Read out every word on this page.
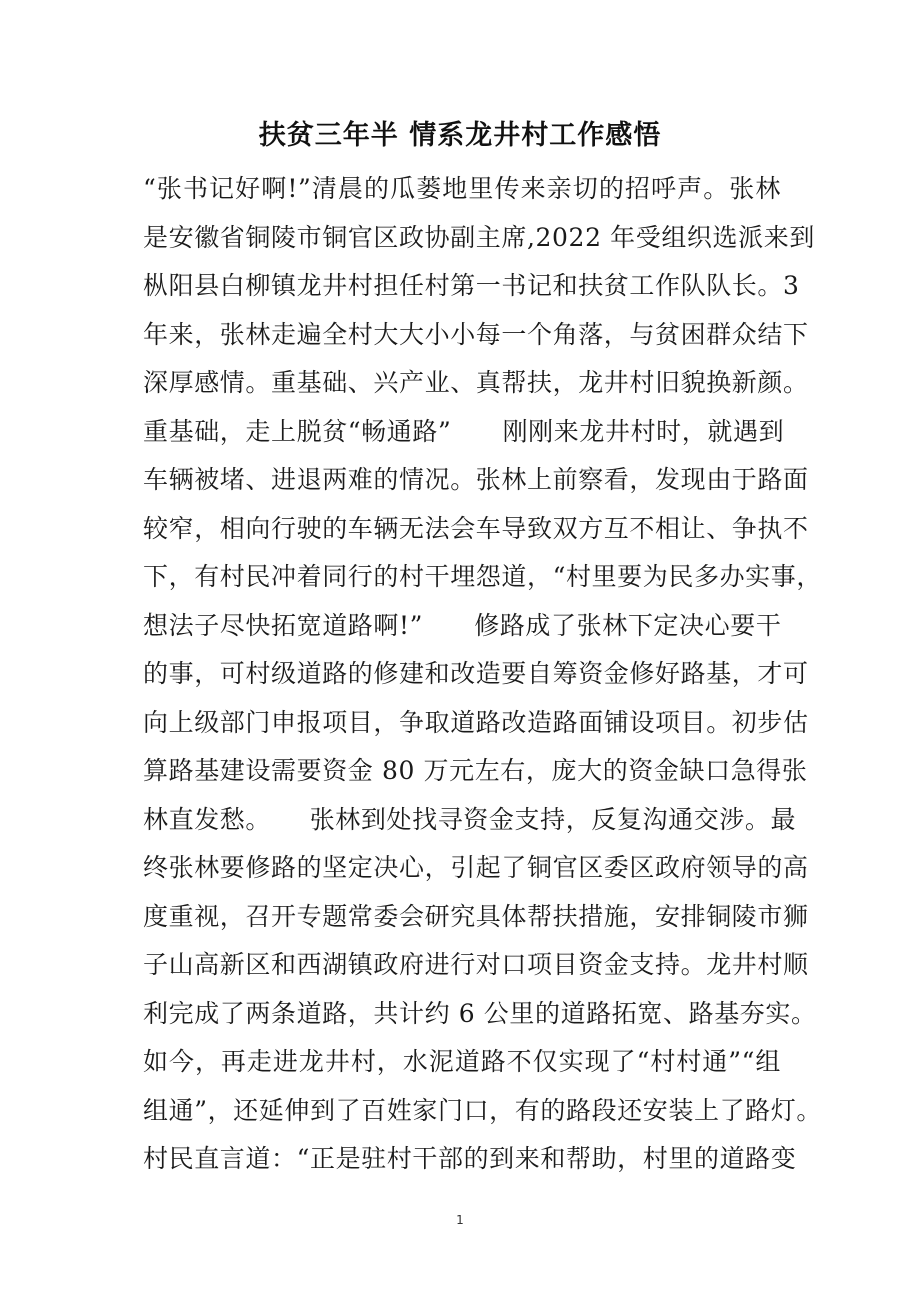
扶贫三年半 情系龙井村工作感悟
“张书记好啊!”清晨的瓜蒌地里传来亲切的招呼声。张林
是安徽省铜陵市铜官区政协副主席,2022 年受组织选派来到
枞阳县白柳镇龙井村担任村第一书记和扶贫工作队队长。3
年来，张林走遍全村大大小小每一个角落，与贫困群众结下
深厚感情。重基础、兴产业、真帮扶，龙井村旧貌换新颜。
重基础，走上脱贫“畅通路”　　刚刚来龙井村时，就遇到
车辆被堵、进退两难的情况。张林上前察看，发现由于路面
较窄，相向行驶的车辆无法会车导致双方互不相让、争执不
下，有村民冲着同行的村干埋怨道，“村里要为民多办实事，
想法子尽快拓宽道路啊!”　　修路成了张林下定决心要干
的事，可村级道路的修建和改造要自筹资金修好路基，才可
向上级部门申报项目，争取道路改造路面铺设项目。初步估
算路基建设需要资金 80 万元左右，庞大的资金缺口急得张
林直发愁。　　张林到处找寻资金支持，反复沟通交涉。最
终张林要修路的坚定决心，引起了铜官区委区政府领导的高
度重视，召开专题常委会研究具体帮扶措施，安排铜陵市狮
子山高新区和西湖镇政府进行对口项目资金支持。龙井村顺
利完成了两条道路，共计约 6 公里的道路拓宽、路基夯实。
如今，再走进龙井村，水泥道路不仅实现了“村村通”“组
组通”，还延伸到了百姓家门口，有的路段还安装上了路灯。
村民直言道：“正是驻村干部的到来和帮助，村里的道路变
1
